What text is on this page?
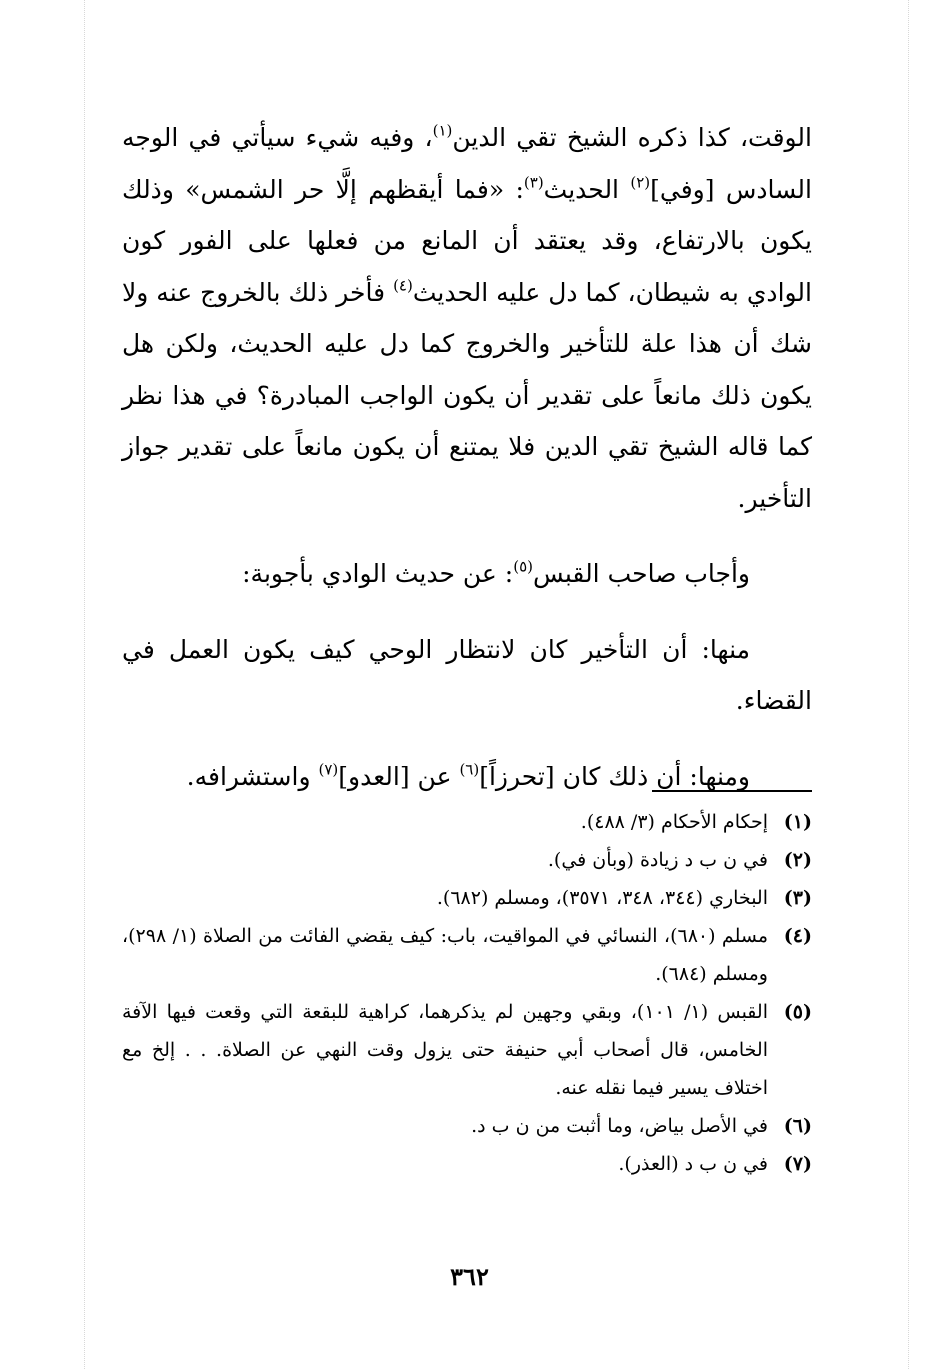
الوقت، كذا ذكره الشيخ تقي الدين$^{(١)}$، وفيه شيء سيأتي في الوجه السادس [وفي]$^{(٢)}$ الحديث$^{(٣)}$: «فما أيقظهم إلَّا حر الشمس» وذلك يكون بالارتفاع، وقد يعتقد أن المانع من فعلها على الفور كون الوادي به شيطان، كما دل عليه الحديث$^{(٤)}$ فأخر ذلك بالخروج عنه ولا شك أن هذا علة للتأخير والخروج كما دل عليه الحديث، ولكن هل يكون ذلك مانعاً على تقدير أن يكون الواجب المبادرة؟ في هذا نظر كما قاله الشيخ تقي الدين فلا يمتنع أن يكون مانعاً على تقدير جواز التأخير.

وأجاب صاحب القبس$^{(٥)}$: عن حديث الوادي بأجوبة:

منها: أن التأخير كان لانتظار الوحي كيف يكون العمل في القضاء.

ومنها: أن ذلك كان [تحرزاً]$^{(٦)}$ عن [العدو]$^{(٧)}$ واستشرافه.

(١)
إحكام الأحكام (٣/ ٤٨٨).
(٢)
في ن ب د زيادة (وبأن في).
(٣)
البخاري (٣٤٤، ٣٤٨، ٣٥٧١)، ومسلم (٦٨٢).
(٤)
مسلم (٦٨٠)، النسائي في المواقيت، باب: كيف يقضي الفائت من الصلاة (١/ ٢٩٨)، ومسلم (٦٨٤).
(٥)
القبس (١/ ١٠١)، وبقي وجهين لم يذكرهما، كراهية للبقعة التي وقعت فيها الآفة الخامس، قال أصحاب أبي حنيفة حتى يزول وقت النهي عن الصلاة. . . إلخ مع اختلاف يسير فيما نقله عنه.
(٦)
في الأصل بياض، وما أثبت من ن ب د.
(٧)
في ن ب د (العذر).
٣٦٢
